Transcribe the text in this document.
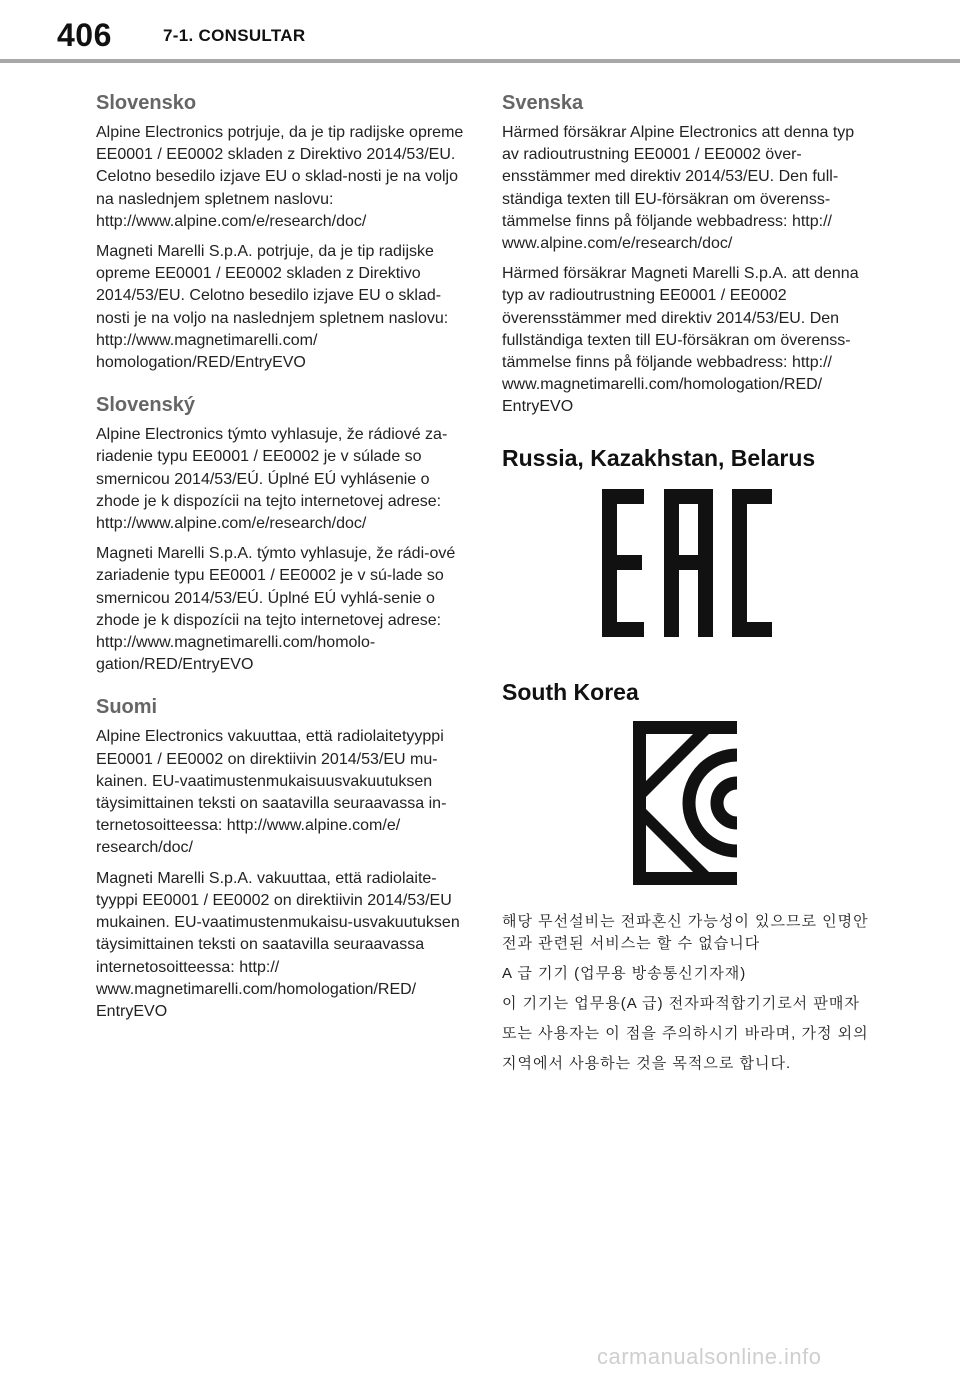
406	7-1. CONSULTAR
Slovensko

Alpine Electronics potrjuje, da je tip radijske opreme EE0001 / EE0002 skladen z Direktivo 2014/53/EU. Celotno besedilo izjave EU o sklad-nosti je na voljo na naslednjem spletnem naslovu: http://www.alpine.com/e/research/doc/

Magneti Marelli S.p.A. potrjuje, da je tip radijske opreme EE0001 / EE0002 skladen z Direktivo 2014/53/EU. Celotno besedilo izjave EU o sklad-nosti je na voljo na naslednjem spletnem naslovu: http://www.magnetimarelli.com/ homologation/RED/EntryEVO

Slovenský

Alpine Electronics týmto vyhlasuje, že rádiové za-riadenie typu EE0001 / EE0002 je v súlade so smernicou 2014/53/EÚ. Úplné EÚ vyhlásenie o zhode je k dispozícii na tejto internetovej adrese: http://www.alpine.com/e/research/doc/

Magneti Marelli S.p.A. týmto vyhlasuje, že rádi-ové zariadenie typu EE0001 / EE0002 je v sú-lade so smernicou 2014/53/EÚ. Úplné EÚ vyhlá-senie o zhode je k dispozícii na tejto internetovej adrese: http://www.magnetimarelli.com/homolo-gation/RED/EntryEVO

Suomi

Alpine Electronics vakuuttaa, että radiolaitetyyppi EE0001 / EE0002 on direktiivin 2014/53/EU mu-kainen. EU-vaatimustenmukaisuusvakuutuksen täysimittainen teksti on saatavilla seuraavassa in-ternetosoitteessa: http://www.alpine.com/e/ research/doc/

Magneti Marelli S.p.A. vakuuttaa, että radiolaite-tyyppi EE0001 / EE0002 on direktiivin 2014/53/EU mukainen. EU-vaatimustenmukaisu-usvakuutuksen täysimittainen teksti on saatavilla seuraavassa internetosoitteessa: http:// www.magnetimarelli.com/homologation/RED/ EntryEVO

Svenska

Härmed försäkrar Alpine Electronics att denna typ av radioutrustning EE0001 / EE0002 över-ensstämmer med direktiv 2014/53/EU. Den full-ständiga texten till EU-försäkran om överenss-tämmelse finns på följande webbadress: http:// www.alpine.com/e/research/doc/

Härmed försäkrar Magneti Marelli S.p.A. att denna typ av radioutrustning EE0001 / EE0002 överensstämmer med direktiv 2014/53/EU. Den fullständiga texten till EU-försäkran om överenss-tämmelse finns på följande webbadress: http:// www.magnetimarelli.com/homologation/RED/ EntryEVO

Russia, Kazakhstan, Belarus
South Korea

해당 무선설비는 전파혼신 가능성이 있으므로 인명안전과 관련된 서비스는 할 수 없습니다

A 급 기기 (업무용 방송통신기자재)

이 기기는 업무용(A 급) 전자파적합기기로서 판매자

또는 사용자는 이 점을 주의하시기 바라며, 가정 외의

지역에서 사용하는 것을 목적으로 합니다.

carmanualsonline.info
